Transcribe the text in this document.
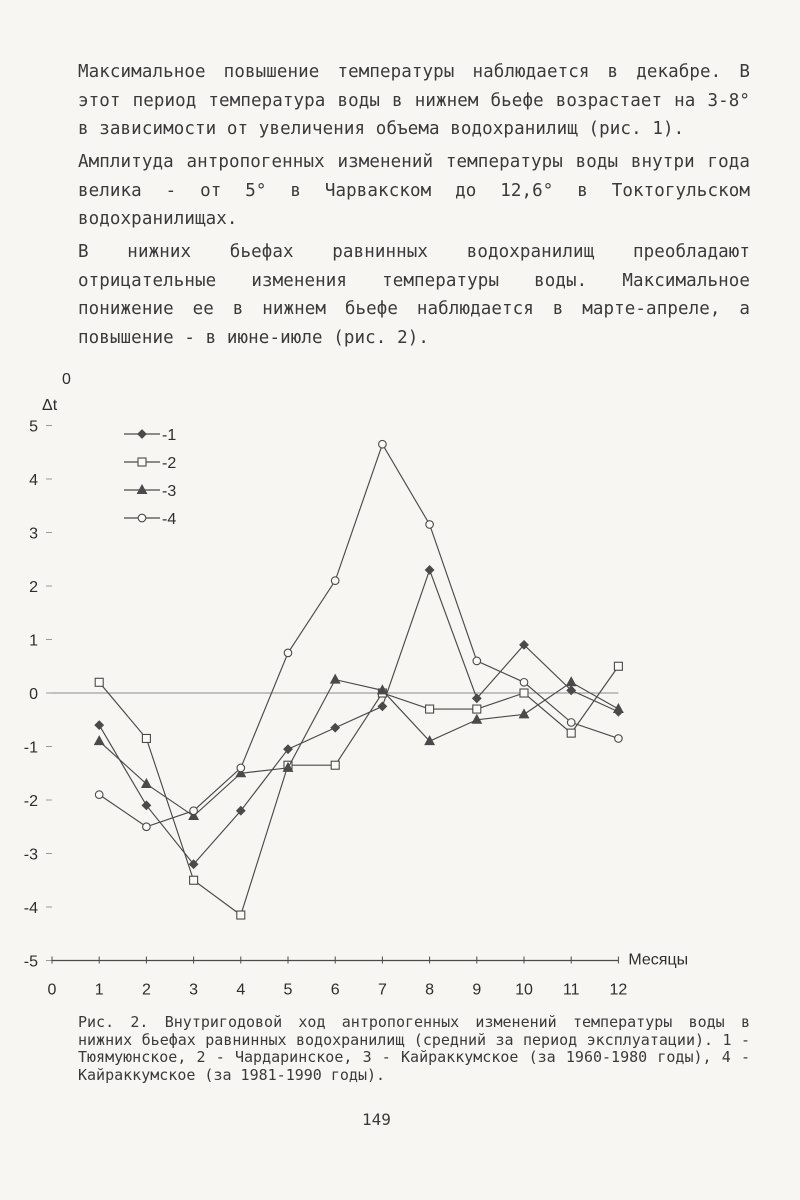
Максимальное повышение температуры наблюдается в декабре. В этот период температура воды в нижнем бьефе возрастает на 3-8° в зависимости от увеличения объема водохранилищ (рис. 1).

Амплитуда антропогенных изменений температуры воды внутри года велика - от 5° в Чарвакском до 12,6° в Токтогульском водохранилищах.

В нижних бьефах равнинных водохранилищ преобладают отрицательные изменения температуры воды. Максимальное понижение ее в нижнем бьефе наблюдается в марте-апреле, а повышение - в июне-июле (рис. 2).

5
4
3
2
1
0
-1
-2
-3
-4
-5
0 1 2 3 4 5 6 7 8 9 10 11 12
Δt
0
Месяцы
-1
-2
-3
-4

Рис. 2. Внутригодовой ход антропогенных изменений температуры воды в нижних бьефах равнинных водохранилищ (средний за период эксплуатации). 1 - Тюямуюнское, 2 - Чардаринское, 3 - Кайраккумское (за 1960-1980 годы), 4 - Кайраккумское (за 1981-1990 годы).

149
